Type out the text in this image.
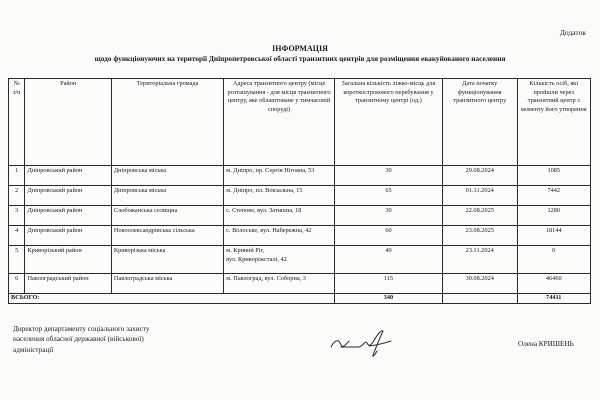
Додаток
ІНФОРМАЦІЯ
щодо функціонуючих на території Дніпропетровської області транзитних центрів для розміщення евакуйованого населення
№ з/п	Район	Територіальна громада	Адреса транзитного центру (місце розташування - для місця транзитного центру, яке облаштоване у тимчасовій споруді)	Загальна кількість ліжко-місць для короткострокового перебування у транзитному центрі (од.)	Дата початку функціонування транзитного центру	Кількість осіб, які пройшли через транзитний центр з моменту його утворення
1	Дніпровський район	Дніпровська міська	м. Дніпро, пр. Сергія Нігояна, 53	30	29.08.2024	1085
2	Дніпровський район	Дніпровська міська	м. Дніпро, пл. Вокзальна, 15	65	01.11.2024	7442
3	Дніпровський район	Слобожанська селищна	с. Степове, вул. Затишна, 18	30	22.08.2025	1280
4	Дніпровський район	Новоолександрівська сільська	с. Волоське, вул. Набережна, 42	60	23.08.2025	18144
5	Криворізький район	Криворізька міська	м. Кривий Ріг,
вул. Криворіжсталі, 42	40	23.11.2024	0
6	Павлоградський район	Павлоградська міська	м. Павлоград, вул. Соборна, 3	115	30.08.2024	46460
ВСЬОГО:				340		74411
Директор департаменту соціального захисту
населення обласної державної (військової)
адміністрації
Олена КРИШЕНЬ
